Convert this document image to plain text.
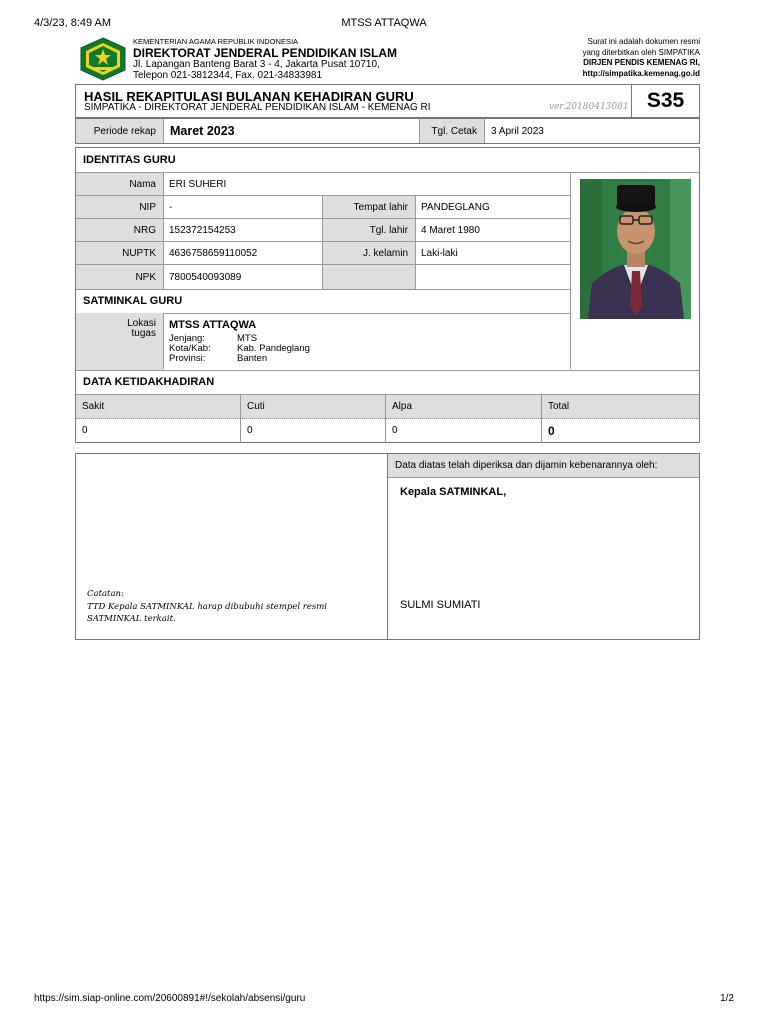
4/3/23, 8:49 AM	MTSS ATTAQWA
KEMENTERIAN AGAMA REPUBLIK INDONESIA
DIREKTORAT JENDERAL PENDIDIKAN ISLAM
Jl. Lapangan Banteng Barat 3 - 4, Jakarta Pusat 10710,
Telepon 021-3812344, Fax. 021-34833981
Surat ini adalah dokumen resmi
yang diterbitkan oleh SIMPATIKA
DIRJEN PENDIS KEMENAG RI,
http://simpatika.kemenag.go.id
HASIL REKAPITULASI BULANAN KEHADIRAN GURU
SIMPATIKA - DIREKTORAT JENDERAL PENDIDIKAN ISLAM - KEMENAG RI	ver.20180413081 S35
Periode rekap	Maret 2023	Tgl. Cetak	3 April 2023
IDENTITAS GURU
Nama	ERI SUHERI
NIP	-	Tempat lahir	PANDEGLANG
NRG	152372154253	Tgl. lahir	4 Maret 1980
NUPTK	4636758659110052	J. kelamin	Laki-laki
NPK	7800540093089
SATMINKAL GURU
Lokasi
tugas
MTSS ATTAQWA
Jenjang:	MTS
Kota/Kab:	Kab. Pandeglang
Provinsi:	Banten
DATA KETIDAKHADIRAN
Sakit	Cuti	Alpa	Total
0	0	0	0
Catatan:
TTD Kepala SATMINKAL harap dibubuhi stempel resmi
SATMINKAL terkait.
Data diatas telah diperiksa dan dijamin kebenarannya oleh:
Kepala SATMINKAL,
SULMI SUMIATI
https://sim.siap-online.com/20600891#!/sekolah/absensi/guru	1/2
